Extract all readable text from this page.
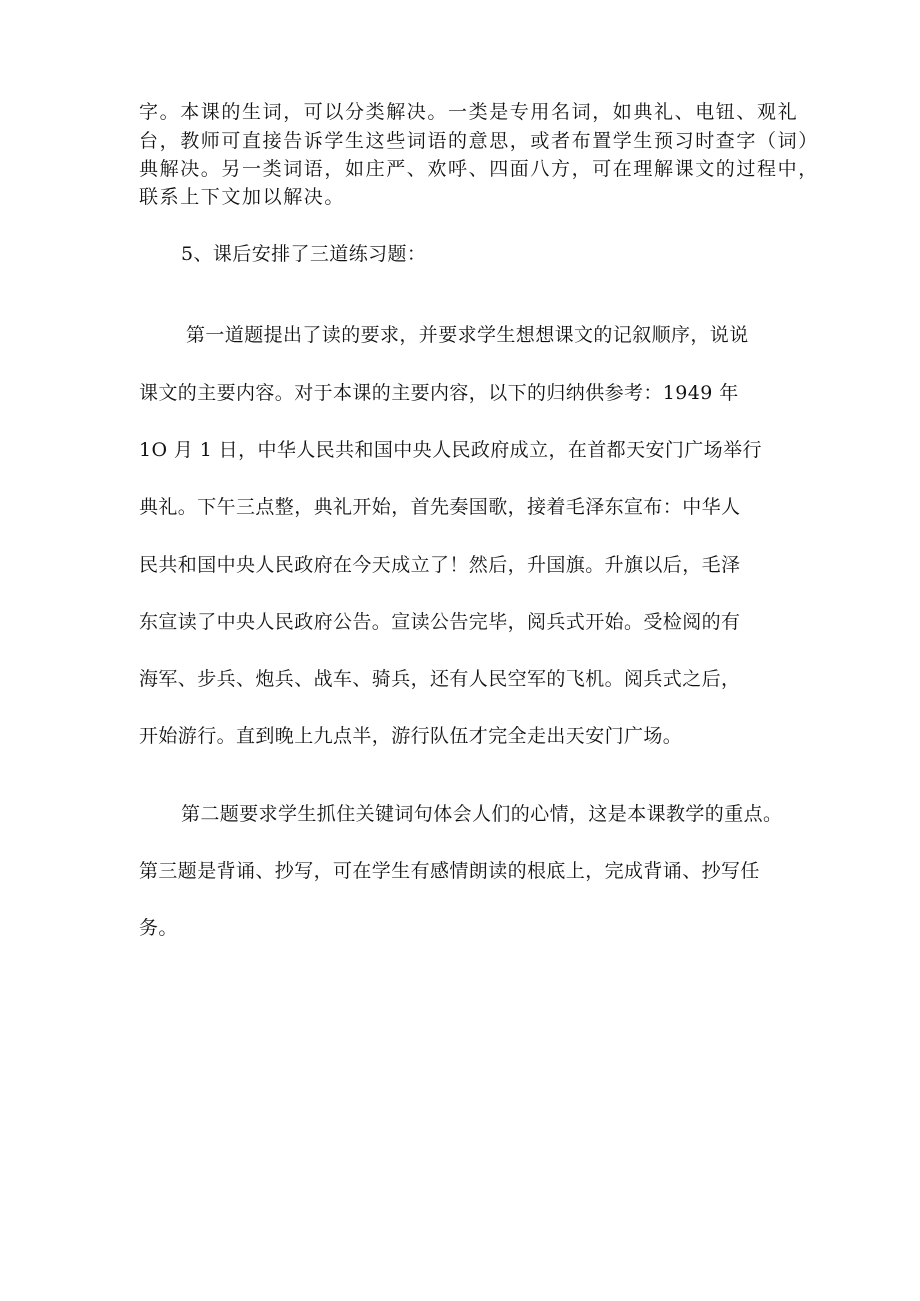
字。本课的生词，可以分类解决。一类是专用名词，如典礼、电钮、观礼
台，教师可直接告诉学生这些词语的意思，或者布置学生预习时查字（词）
典解决。另一类词语，如庄严、欢呼、四面八方，可在理解课文的过程中，
联系上下文加以解决。
5、课后安排了三道练习题：
第一道题提出了读的要求，并要求学生想想课文的记叙顺序，说说
课文的主要内容。对于本课的主要内容，以下的归纳供参考：1949 年
1O 月 1 日，中华人民共和国中央人民政府成立，在首都天安门广场举行
典礼。下午三点整，典礼开始，首先奏国歌，接着毛泽东宣布：中华人
民共和国中央人民政府在今天成立了！然后，升国旗。升旗以后，毛泽
东宣读了中央人民政府公告。宣读公告完毕，阅兵式开始。受检阅的有
海军、步兵、炮兵、战车、骑兵，还有人民空军的飞机。阅兵式之后，
开始游行。直到晚上九点半，游行队伍才完全走出天安门广场。
第二题要求学生抓住关键词句体会人们的心情，这是本课教学的重点。
第三题是背诵、抄写，可在学生有感情朗读的根底上，完成背诵、抄写任
务。
